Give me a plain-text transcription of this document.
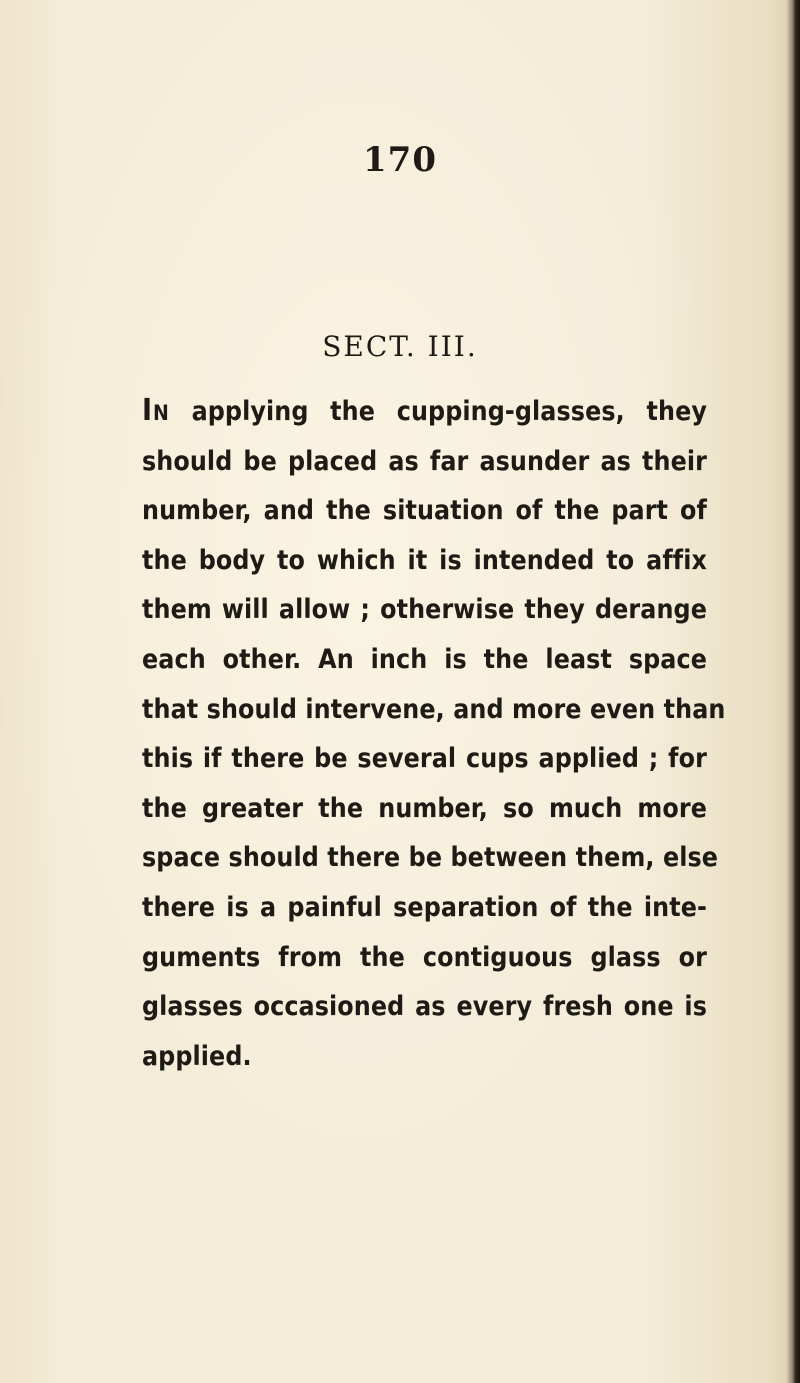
170
SECT. III.
In applying the cupping-glasses, they
should be placed as far asunder as their
number, and the situation of the part of
the body to which it is intended to affix
them will allow ; otherwise they derange
each other. An inch is the least space
that should intervene, and more even than
this if there be several cups applied ; for
the greater the number, so much more
space should there be between them, else
there is a painful separation of the inte-
guments from the contiguous glass or
glasses occasioned as every fresh one is
applied.
